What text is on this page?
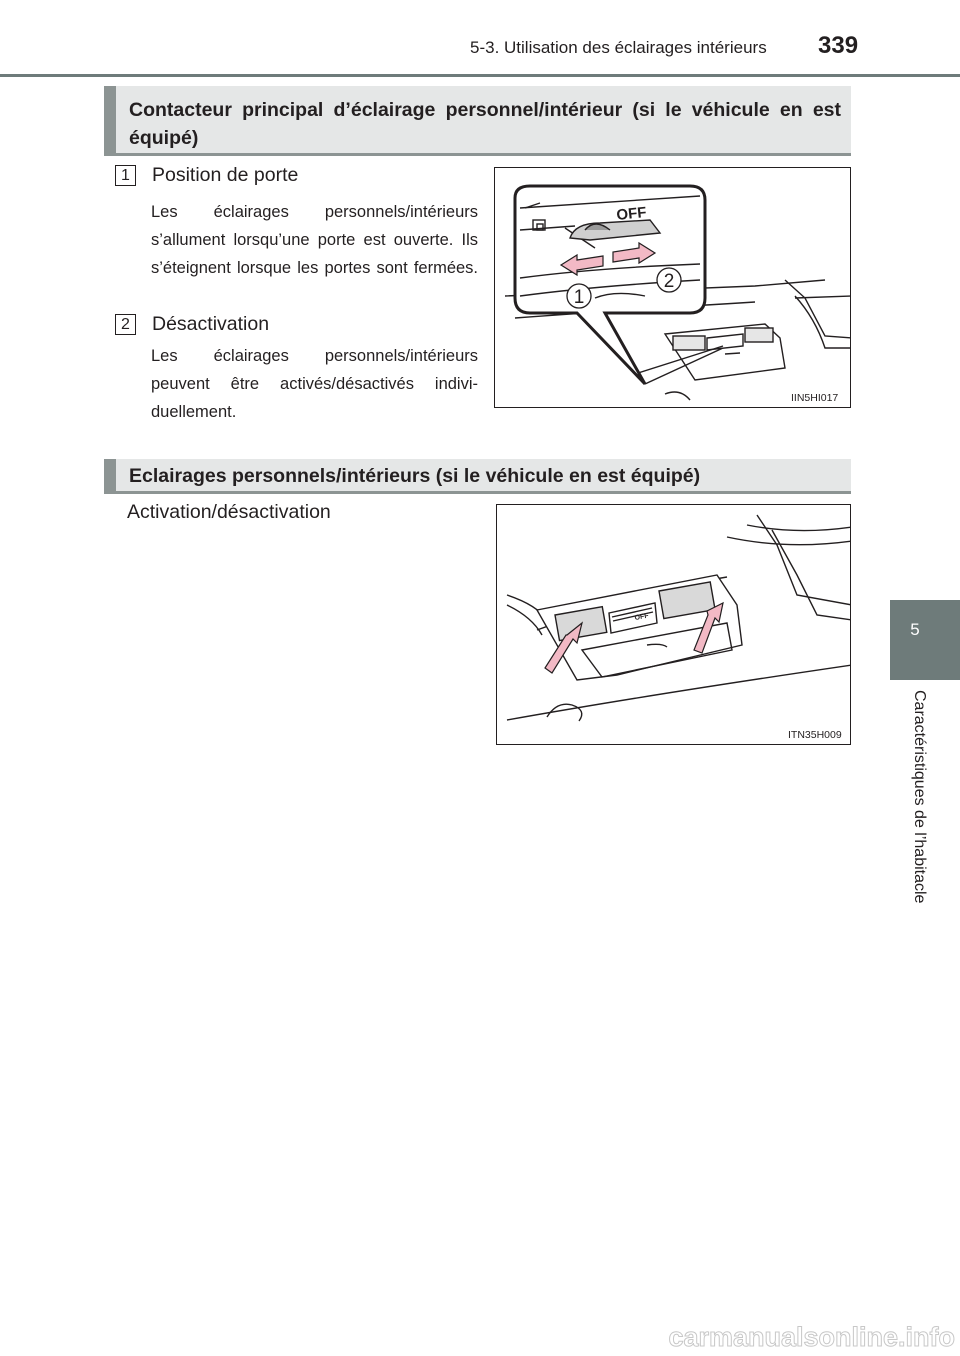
5-3. Utilisation des éclairages intérieurs 339
5
Caractéristiques de l’habitacle
Contacteur principal d’éclairage personnel/intérieur (si le véhicule en est équipé)
1	Position de porte
Les éclairages personnels/intérieurs s’allument lorsqu’une porte est ouverte. Ils s’éteignent lorsque les portes sont fermées.
2	Désactivation
Les éclairages personnels/intérieurs peuvent être activés/désactivés indivi-duellement.
OFF
1
2
IIN5HI017
Eclairages personnels/intérieurs (si le véhicule en est équipé)
Activation/désactivation
OFF
ITN35H009
carmanualsonline.info
